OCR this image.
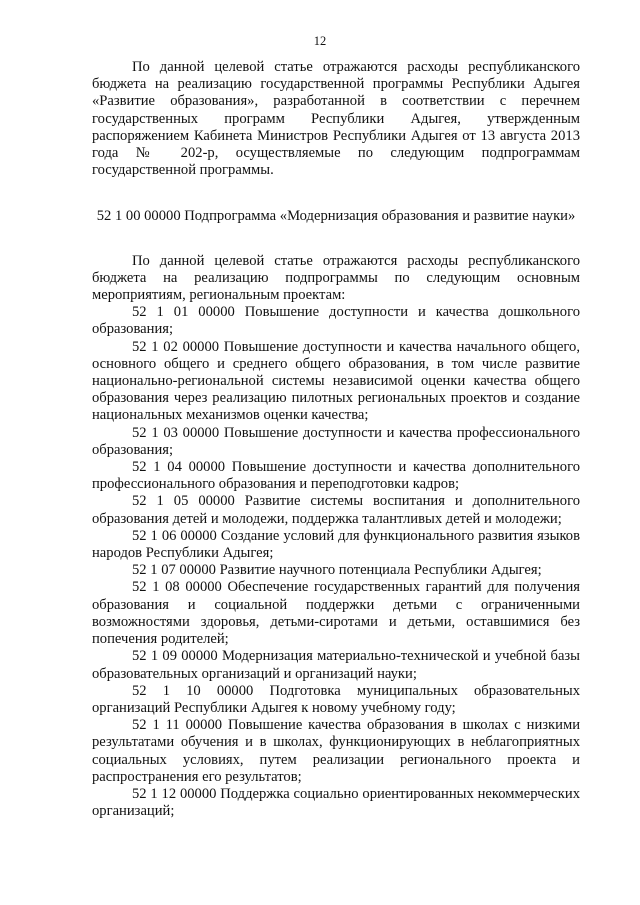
12

По данной целевой статье отражаются расходы республиканского бюджета на реализацию государственной программы Республики Адыгея «Развитие образования», разработанной в соответствии с перечнем государственных программ Республики Адыгея, утвержденным распоряжением Кабинета Министров Республики Адыгея от 13 августа 2013 года № 202-р, осуществляемые по следующим подпрограммам государственной программы.

52 1 00 00000 Подпрограмма «Модернизация образования и развитие науки»

По данной целевой статье отражаются расходы республиканского бюджета на реализацию подпрограммы по следующим основным мероприятиям, региональным проектам:

52 1 01 00000 Повышение доступности и качества дошкольного образования;

52 1 02 00000 Повышение доступности и качества начального общего, основного общего и среднего общего образования, в том числе развитие национально-региональной системы независимой оценки качества общего образования через реализацию пилотных региональных проектов и создание национальных механизмов оценки качества;

52 1 03 00000 Повышение доступности и качества профессионального образования;

52 1 04 00000 Повышение доступности и качества дополнительного профессионального образования и переподготовки кадров;

52 1 05 00000 Развитие системы воспитания и дополнительного образования детей и молодежи, поддержка талантливых детей и молодежи;

52 1 06 00000 Создание условий для функционального развития языков народов Республики Адыгея;

52 1 07 00000 Развитие научного потенциала Республики Адыгея;

52 1 08 00000 Обеспечение государственных гарантий для получения образования и социальной поддержки детьми с ограниченными возможностями здоровья, детьми-сиротами и детьми, оставшимися без попечения родителей;

52 1 09 00000 Модернизация материально-технической и учебной базы образовательных организаций и организаций науки;

52 1 10 00000 Подготовка муниципальных образовательных организаций Республики Адыгея к новому учебному году;

52 1 11 00000 Повышение качества образования в школах с низкими результатами обучения и в школах, функционирующих в неблагоприятных социальных условиях, путем реализации регионального проекта и распространения его результатов;

52 1 12 00000 Поддержка социально ориентированных некоммерческих организаций;
